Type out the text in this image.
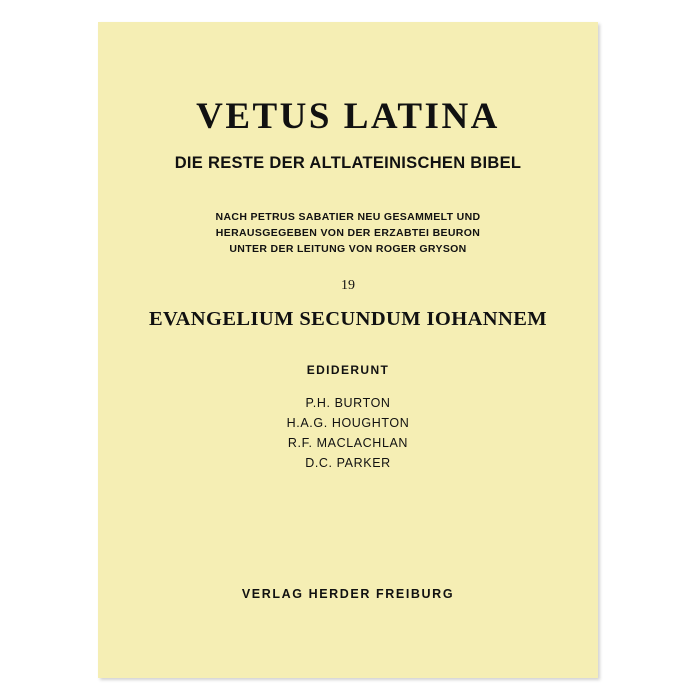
VETUS LATINA
DIE RESTE DER ALTLATEINISCHEN BIBEL
NACH PETRUS SABATIER NEU GESAMMELT UND
HERAUSGEGEBEN VON DER ERZABTEI BEURON
UNTER DER LEITUNG VON ROGER GRYSON
19
EVANGELIUM SECUNDUM IOHANNEM
EDIDERUNT
P.H. BURTON
H.A.G. HOUGHTON
R.F. MACLACHLAN
D.C. PARKER
VERLAG HERDER FREIBURG
